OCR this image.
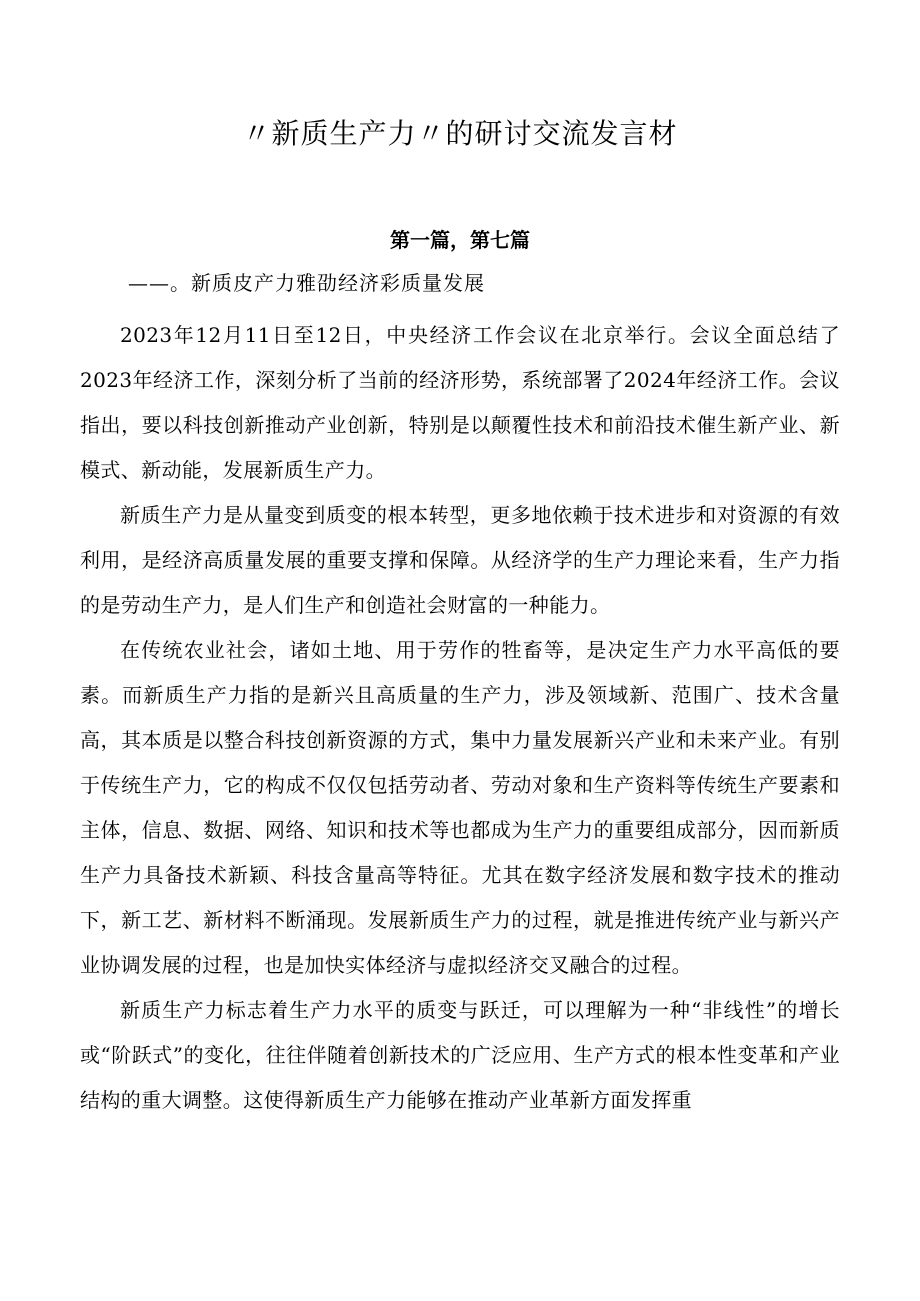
〃新质生产力〃的研讨交流发言材
第一篇，第七篇

——。新质皮产力雅劭经济彩质量发展

2023年12月11日至12日，中央经济工作会议在北京举行。会议全面总结了2023年经济工作，深刻分析了当前的经济形势，系统部署了2024年经济工作。会议指出，要以科技创新推动产业创新，特别是以颠覆性技术和前沿技术催生新产业、新模式、新动能，发展新质生产力。

新质生产力是从量变到质变的根本转型，更多地依赖于技术进步和对资源的有效利用，是经济高质量发展的重要支撑和保障。从经济学的生产力理论来看，生产力指的是劳动生产力，是人们生产和创造社会财富的一种能力。

在传统农业社会，诸如土地、用于劳作的牲畜等，是决定生产力水平高低的要素。而新质生产力指的是新兴且高质量的生产力，涉及领域新、范围广、技术含量高，其本质是以整合科技创新资源的方式，集中力量发展新兴产业和未来产业。有别于传统生产力，它的构成不仅仅包括劳动者、劳动对象和生产资料等传统生产要素和主体，信息、数据、网络、知识和技术等也都成为生产力的重要组成部分，因而新质生产力具备技术新颖、科技含量高等特征。尤其在数字经济发展和数字技术的推动下，新工艺、新材料不断涌现。发展新质生产力的过程，就是推进传统产业与新兴产业协调发展的过程，也是加快实体经济与虚拟经济交叉融合的过程。

新质生产力标志着生产力水平的质变与跃迁，可以理解为一种“非线性”的增长或“阶跃式”的变化，往往伴随着创新技术的广泛应用、生产方式的根本性变革和产业结构的重大调整。这使得新质生产力能够在推动产业革新方面发挥重
